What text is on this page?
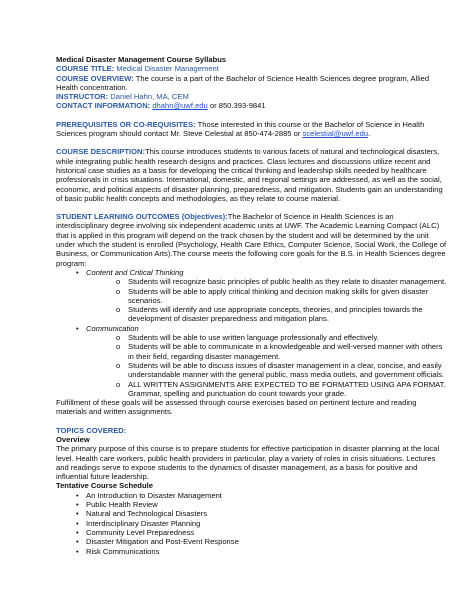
Medical Disaster Management Course Syllabus

COURSE TITLE: Medical Disaster Management

COURSE OVERVIEW: The course is a part of the Bachelor of Science Health Sciences degree program, Allied Health concentration.

INSTRUCTOR: Daniel Hahn, MA, CEM

CONTACT INFORMATION: dhahn@uwf.edu or 850.393-9841

PREREQUISITES OR CO-REQUISITES: Those interested in this course or the Bachelor of Science in Health Sciences program should contact Mr. Steve Celestial at 850-474-2885 or scelestial@uwf.edu.

COURSE DESCRIPTION:This course introduces students to various facets of natural and technological disasters, while integrating public health research designs and practices. Class lectures and discussions utilize recent and historical case studies as a basis for developing the critical thinking and leadership skills needed by healthcare professionals in crisis situations. International, domestic, and regional settings are addressed, as well as the social, economic, and political aspects of disaster planning, preparedness, and mitigation. Students gain an understanding of basic public health concepts and methodologies, as they relate to course material.

STUDENT LEARNING OUTCOMES (Objectives):The Bachelor of Science in Health Sciences is an interdisciplinary degree involving six independent academic units at UWF. The Academic Learning Compact (ALC) that is applied in this program will depend on the track chosen by the student and will be determined by the unit under which the student is enrolled (Psychology, Health Care Ethics, Computer Science, Social Work, the College of Business, or Communication Arts).The course meets the following core goals for the B.S. in Health Sciences degree program:

• Content and Critical Thinking
o Students will recognize basic principles of public health as they relate to disaster management.
o Students will be able to apply critical thinking and decision making skills for given disaster scenarios.
o Students will identify and use appropriate concepts, theories, and principles towards the development of disaster preparedness and mitigation plans.
• Communication
o Students will be able to use written language professionally and effectively.
o Students will be able to communicate in a knowledgeable and well-versed manner with others in their field, regarding disaster management.
o Students will be able to discuss issues of disaster management in a clear, concise, and easily understandable manner with the general public, mass media outlets, and government officials.
o ALL WRITTEN ASSIGNMENTS ARE EXPECTED TO BE FORMATTED USING APA FORMAT. Grammar, spelling and punctuation do count towards your grade.

Fulfillment of these goals will be assessed through course exercises based on pertinent lecture and reading materials and written assignments.

TOPICS COVERED:

Overview

The primary purpose of this course is to prepare students for effective participation in disaster planning at the local level. Health care workers, public health providers in particular, play a variety of roles in crisis situations. Lectures and readings serve to expose students to the dynamics of disaster management, as a basis for positive and influential future leadership.

Tentative Course Schedule

• An Introduction to Disaster Management
• Public Health Review
• Natural and Technological Disasters
• Interdisciplinary Disaster Planning
• Community Level Preparedness
• Disaster Mitigation and Post-Event Response
• Risk Communications
